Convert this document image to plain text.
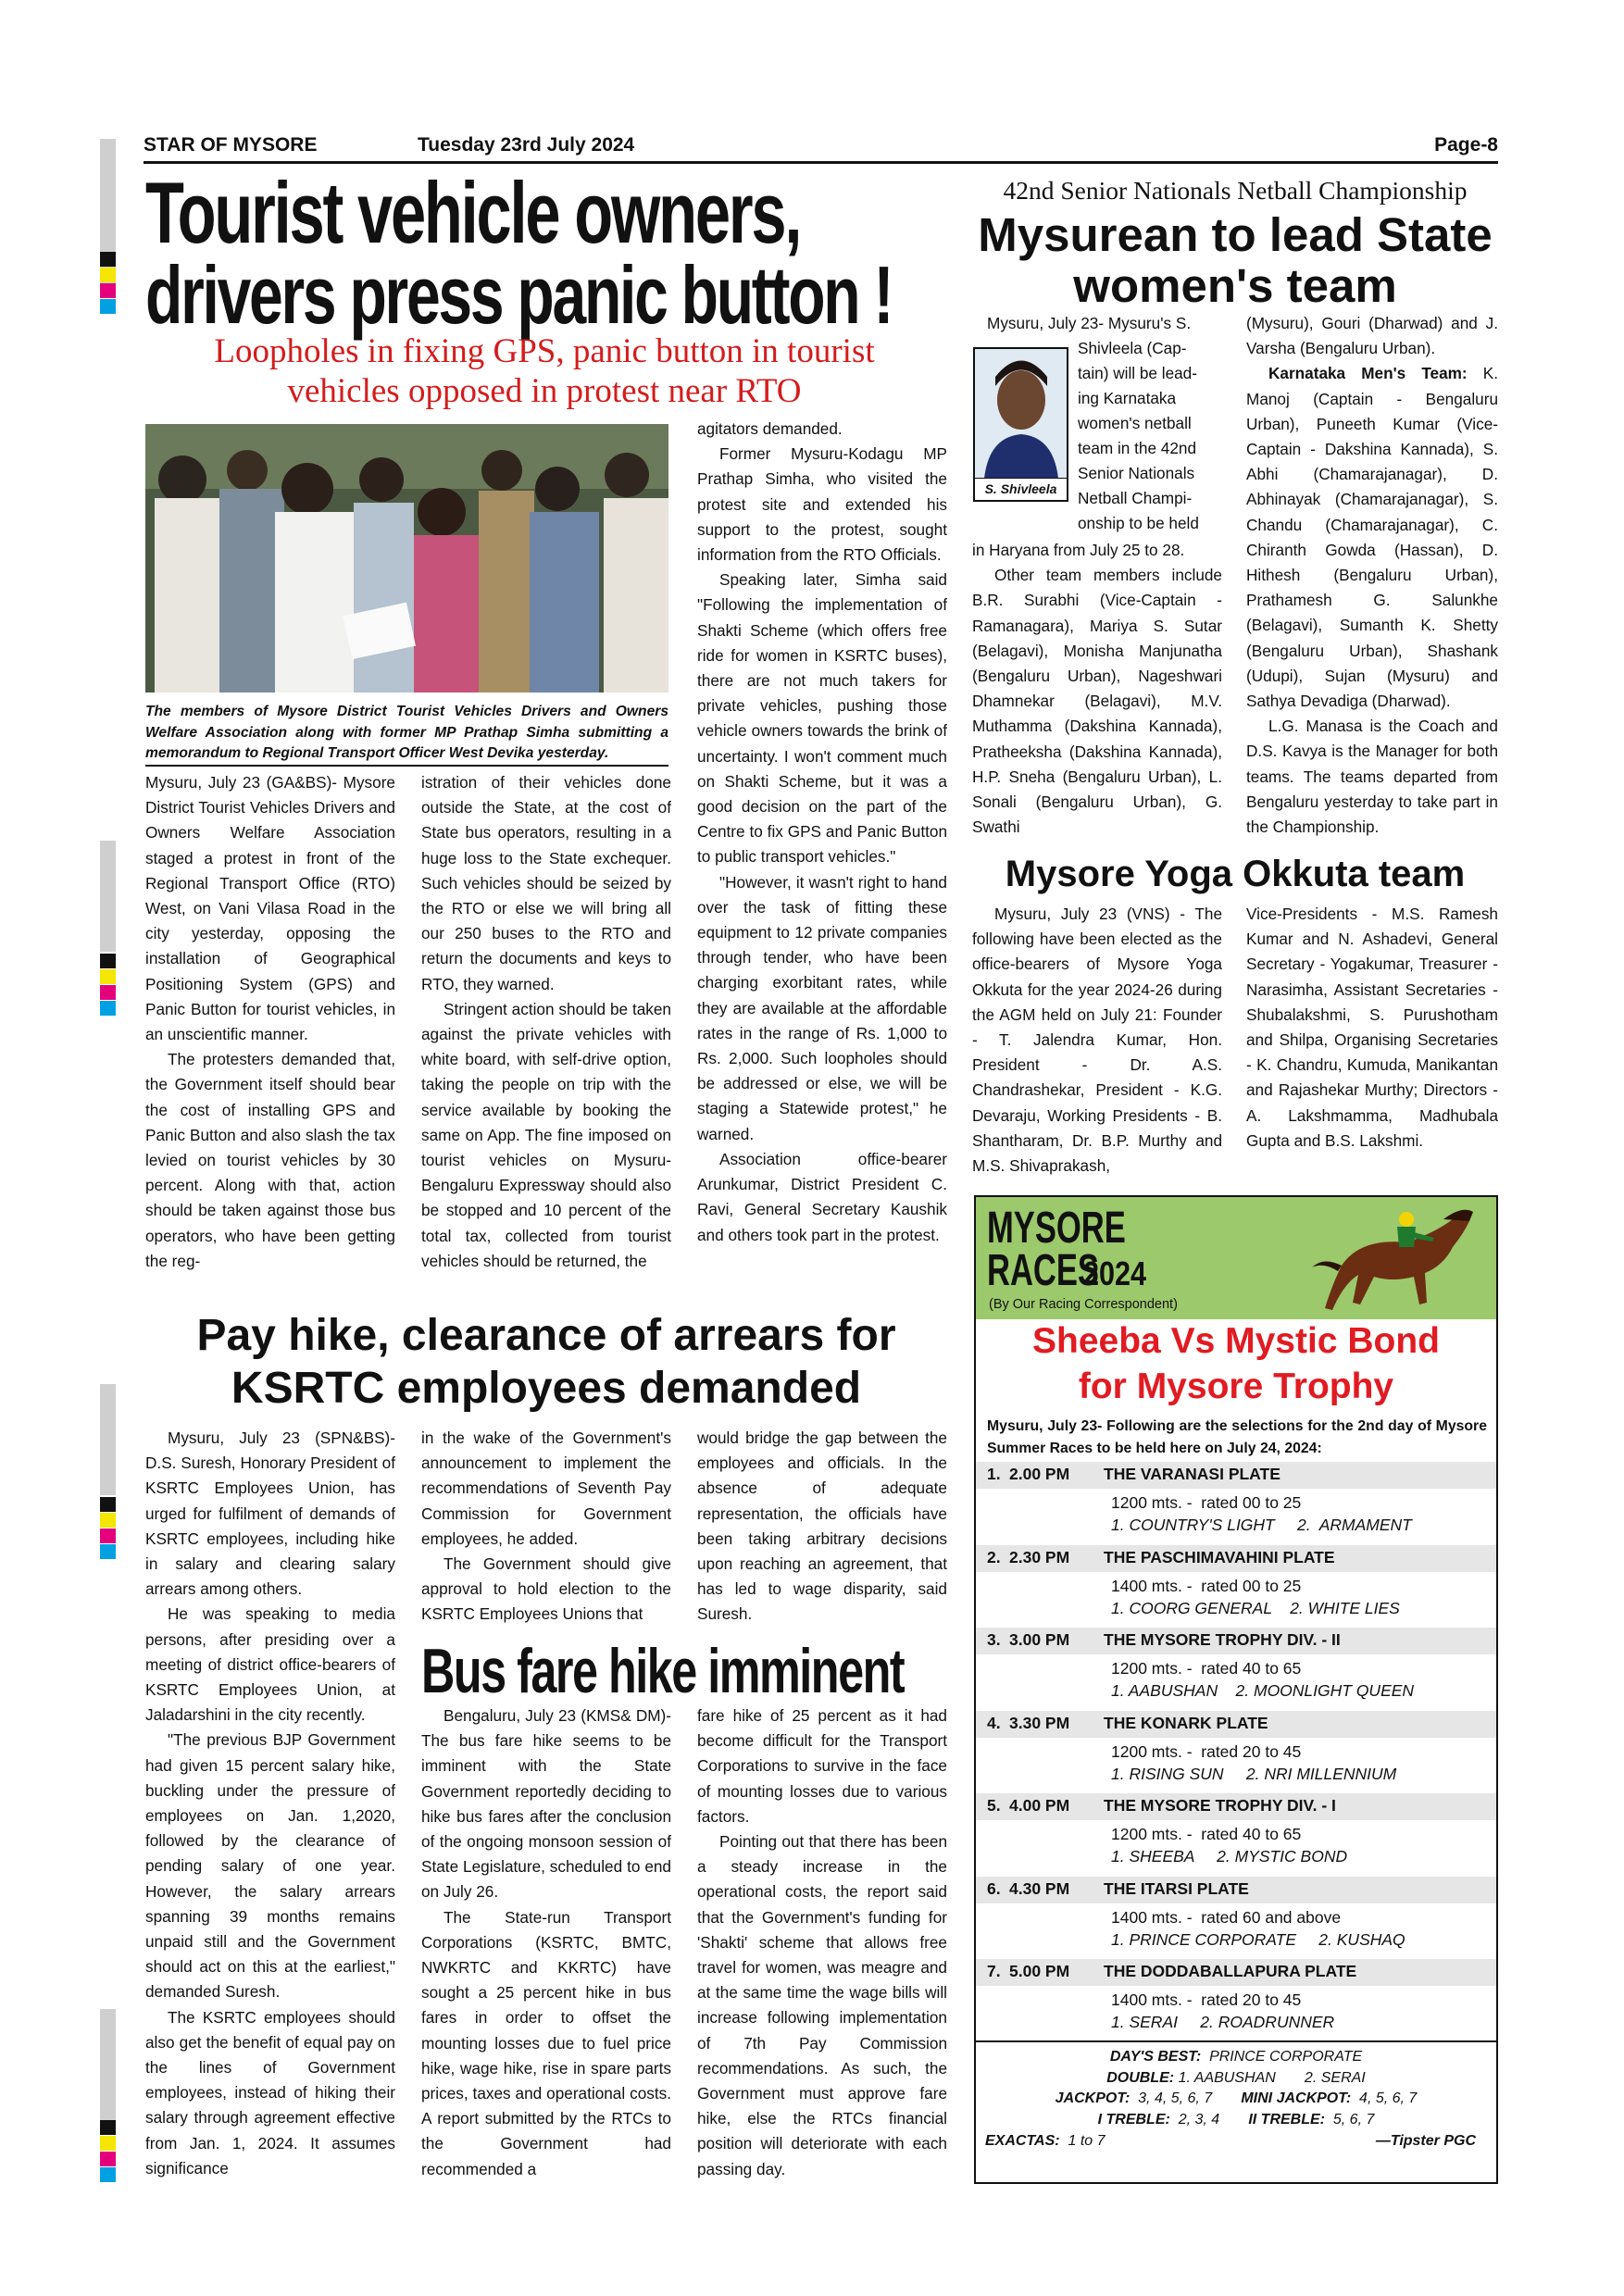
STAR OF MYSORE	Tuesday 23rd July 2024	Page-8
Tourist vehicle owners,
drivers press panic button !
Loopholes in fixing GPS, panic button in tourist
vehicles opposed in protest near RTO
The members of Mysore District Tourist Vehicles Drivers and Owners Welfare Association along with former MP Prathap Simha submitting a memorandum to Regional Transport Officer West Devika yesterday.

Mysuru, July 23 (GA&BS)- Mysore District Tourist Vehicles Drivers and Owners Welfare Association staged a protest in front of the Regional Transport Office (RTO) West, on Vani Vilasa Road in the city yesterday, opposing the installation of Geographical Positioning System (GPS) and Panic Button for tourist vehicles, in an unscientific manner.

The protesters demanded that, the Government itself should bear the cost of installing GPS and Panic Button and also slash the tax levied on tourist vehicles by 30 percent. Along with that, action should be taken against those bus operators, who have been getting the reg-

istration of their vehicles done outside the State, at the cost of State bus operators, resulting in a huge loss to the State exchequer. Such vehicles should be seized by the RTO or else we will bring all our 250 buses to the RTO and return the documents and keys to RTO, they warned.

Stringent action should be taken against the private vehicles with white board, with self-drive option, taking the people on trip with the service available by booking the same on App. The fine imposed on tourist vehicles on Mysuru-Bengaluru Expressway should also be stopped and 10 percent of the total tax, collected from tourist vehicles should be returned, the

agitators demanded.

Former Mysuru-Kodagu MP Prathap Simha, who visited the protest site and extended his support to the protest, sought information from the RTO Officials.

Speaking later, Simha said "Following the implementation of Shakti Scheme (which offers free ride for women in KSRTC buses), there are not much takers for private vehicles, pushing those vehicle owners towards the brink of uncertainty. I won't comment much on Shakti Scheme, but it was a good decision on the part of the Centre to fix GPS and Panic Button to public transport vehicles."

"However, it wasn't right to hand over the task of fitting these equipment to 12 private companies through tender, who have been charging exorbitant rates, while they are available at the affordable rates in the range of Rs. 1,000 to Rs. 2,000. Such loopholes should be addressed or else, we will be staging a Statewide protest," he warned.

Association office-bearer Arunkumar, District President C. Ravi, General Secretary Kaushik and others took part in the protest.

42nd Senior Nationals Netball Championship
Mysurean to lead State
women's team
S. Shivleela
Mysuru, July 23- Mysuru's S.
Shivleela (Cap-
tain) will be lead-
ing Karnataka
women's netball
team in the 42nd
Senior Nationals
Netball Champi-
onship to be held

in Haryana from July 25 to 28.

Other team members include B.R. Surabhi (Vice-Captain - Ramanagara), Mariya S. Sutar (Belagavi), Monisha Manjunatha (Bengaluru Urban), Nageshwari Dhamnekar (Belagavi), M.V. Muthamma (Dakshina Kannada), Pratheeksha (Dakshina Kannada), H.P. Sneha (Bengaluru Urban), L. Sonali (Bengaluru Urban), G. Swathi

(Mysuru), Gouri (Dharwad) and J. Varsha (Bengaluru Urban).

Karnataka Men's Team: K. Manoj (Captain - Bengaluru Urban), Puneeth Kumar (Vice-Captain - Dakshina Kannada), S. Abhi (Chamarajanagar), D. Abhinayak (Chamarajanagar), S. Chandu (Chamarajanagar), C. Chiranth Gowda (Hassan), D. Hithesh (Bengaluru Urban), Prathamesh G. Salunkhe (Belagavi), Sumanth K. Shetty (Bengaluru Urban), Shashank (Udupi), Sujan (Mysuru) and Sathya Devadiga (Dharwad).

L.G. Manasa is the Coach and D.S. Kavya is the Manager for both teams. The teams departed from Bengaluru yesterday to take part in the Championship.

Mysore Yoga Okkuta team

Mysuru, July 23 (VNS) - The following have been elected as the office-bearers of Mysore Yoga Okkuta for the year 2024-26 during the AGM held on July 21: Founder - T. Jalendra Kumar, Hon. President - Dr. A.S. Chandrashekar, President - K.G. Devaraju, Working Presidents - B. Shantharam, Dr. B.P. Murthy and M.S. Shivaprakash,

Vice-Presidents - M.S. Ramesh Kumar and N. Ashadevi, General Secretary - Yogakumar, Treasurer - Narasimha, Assistant Secretaries - Shubalakshmi, S. Purushotham and Shilpa, Organising Secretaries - K. Chandru, Kumuda, Manikantan and Rajashekar Murthy; Directors - A. Lakshmamma, Madhubala Gupta and B.S. Lakshmi.

Pay hike, clearance of arrears for
KSRTC employees demanded

Mysuru, July 23 (SPN&BS)- D.S. Suresh, Honorary President of KSRTC Employees Union, has urged for fulfilment of demands of KSRTC employees, including hike in salary and clearing salary arrears among others.

He was speaking to media persons, after presiding over a meeting of district office-bearers of KSRTC Employees Union, at Jaladarshini in the city recently.

"The previous BJP Government had given 15 percent salary hike, buckling under the pressure of employees on Jan. 1,2020, followed by the clearance of pending salary of one year. However, the salary arrears spanning 39 months remains unpaid still and the Government should act on this at the earliest," demanded Suresh.

The KSRTC employees should also get the benefit of equal pay on the lines of Government employees, instead of hiking their salary through agreement effective from Jan. 1, 2024. It assumes significance

in the wake of the Government's announcement to implement the recommendations of Seventh Pay Commission for Government employees, he added.

The Government should give approval to hold election to the KSRTC Employees Unions that

would bridge the gap between the employees and officials. In the absence of adequate representation, the officials have been taking arbitrary decisions upon reaching an agreement, that has led to wage disparity, said Suresh.

Bus fare hike imminent

Bengaluru, July 23 (KMS& DM)- The bus fare hike seems to be imminent with the State Government reportedly deciding to hike bus fares after the conclusion of the ongoing monsoon session of State Legislature, scheduled to end on July 26.

The State-run Transport Corporations (KSRTC, BMTC, NWKRTC and KKRTC) have sought a 25 percent hike in bus fares in order to offset the mounting losses due to fuel price hike, wage hike, rise in spare parts prices, taxes and operational costs. A report submitted by the RTCs to the Government had recommended a

fare hike of 25 percent as it had become difficult for the Transport Corporations to survive in the face of mounting losses due to various factors.

Pointing out that there has been a steady increase in the operational costs, the report said that the Government's funding for 'Shakti' scheme that allows free travel for women, was meagre and at the same time the wage bills will increase following implementation of 7th Pay Commission recommendations. As such, the Government must approve fare hike, else the RTCs financial position will deteriorate with each passing day.

MYSORE
RACES
2024
(By Our Racing Correspondent)
Sheeba Vs Mystic Bond
for Mysore Trophy
Mysuru, July 23- Following are the selections for the 2nd day of Mysore Summer Races to be held here on July 24, 2024:
1. 2.00 PM THE VARANASI PLATE
1200 mts. -  rated 00 to 25
1. COUNTRY'S LIGHT     2.  ARMAMENT
2. 2.30 PM THE PASCHIMAVAHINI PLATE
1400 mts. -  rated 00 to 25
1. COORG GENERAL    2. WHITE LIES
3. 3.00 PM THE MYSORE TROPHY DIV. - II
1200 mts. -  rated 40 to 65
1. AABUSHAN    2. MOONLIGHT QUEEN
4. 3.30 PM THE KONARK PLATE
1200 mts. -  rated 20 to 45
1. RISING SUN     2. NRI MILLENNIUM
5. 4.00 PM THE MYSORE TROPHY DIV. - I
1200 mts. -  rated 40 to 65
1. SHEEBA     2. MYSTIC BOND
6. 4.30 PM THE ITARSI PLATE
1400 mts. -  rated 60 and above
1. PRINCE CORPORATE     2. KUSHAQ
7. 5.00 PM THE DODDABALLAPURA PLATE
1400 mts. -  rated 20 to 45
1. SERAI     2. ROADRUNNER
DAY'S BEST: PRINCE CORPORATE
DOUBLE: 1. AABUSHAN       2. SERAI
JACKPOT: 3, 4, 5, 6, 7 MINI JACKPOT: 4, 5, 6, 7
I TREBLE: 2, 3, 4 II TREBLE: 5, 6, 7
EXACTAS: 1 to 7	—Tipster PGC
